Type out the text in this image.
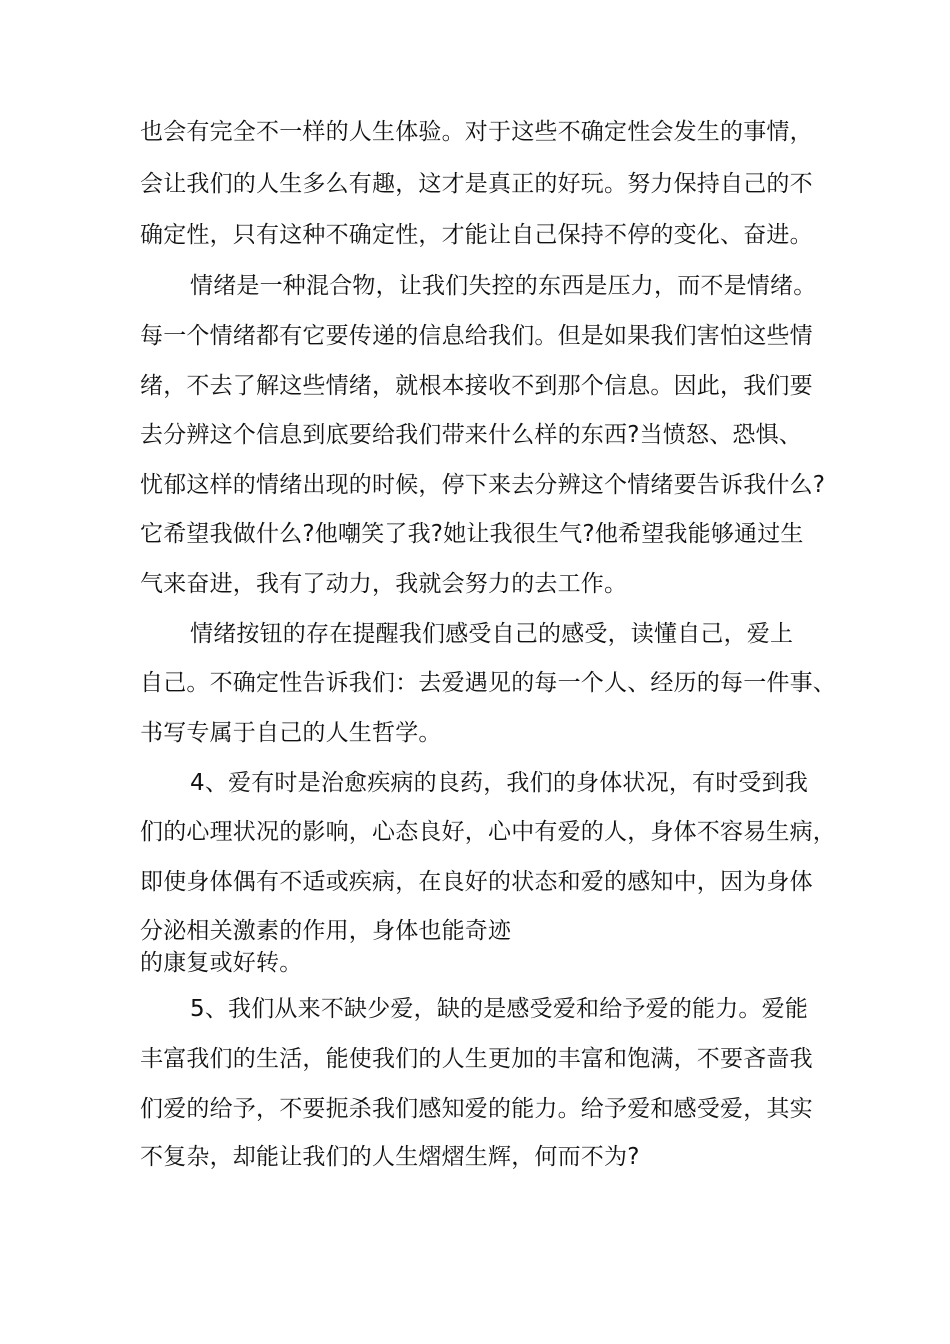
也会有完全不一样的人生体验。对于这些不确定性会发生的事情，
会让我们的人生多么有趣，这才是真正的好玩。努力保持自己的不
确定性，只有这种不确定性，才能让自己保持不停的变化、奋进。
情绪是一种混合物，让我们失控的东西是压力，而不是情绪。
每一个情绪都有它要传递的信息给我们。但是如果我们害怕这些情
绪，不去了解这些情绪，就根本接收不到那个信息。因此，我们要
去分辨这个信息到底要给我们带来什么样的东西?当愤怒、恐惧、
忧郁这样的情绪出现的时候，停下来去分辨这个情绪要告诉我什么?
它希望我做什么?他嘲笑了我?她让我很生气?他希望我能够通过生
气来奋进，我有了动力，我就会努力的去工作。
情绪按钮的存在提醒我们感受自己的感受，读懂自己，爱上
自己。不确定性告诉我们：去爱遇见的每一个人、经历的每一件事、
书写专属于自己的人生哲学。
4、爱有时是治愈疾病的良药，我们的身体状况，有时受到我
们的心理状况的影响，心态良好，心中有爱的人，身体不容易生病，
即使身体偶有不适或疾病，在良好的状态和爱的感知中，因为身体
分泌相关激素的作用，身体也能奇迹
的康复或好转。
5、我们从来不缺少爱，缺的是感受爱和给予爱的能力。爱能
丰富我们的生活，能使我们的人生更加的丰富和饱满，不要吝啬我
们爱的给予，不要扼杀我们感知爱的能力。给予爱和感受爱，其实
不复杂，却能让我们的人生熠熠生辉，何而不为?
